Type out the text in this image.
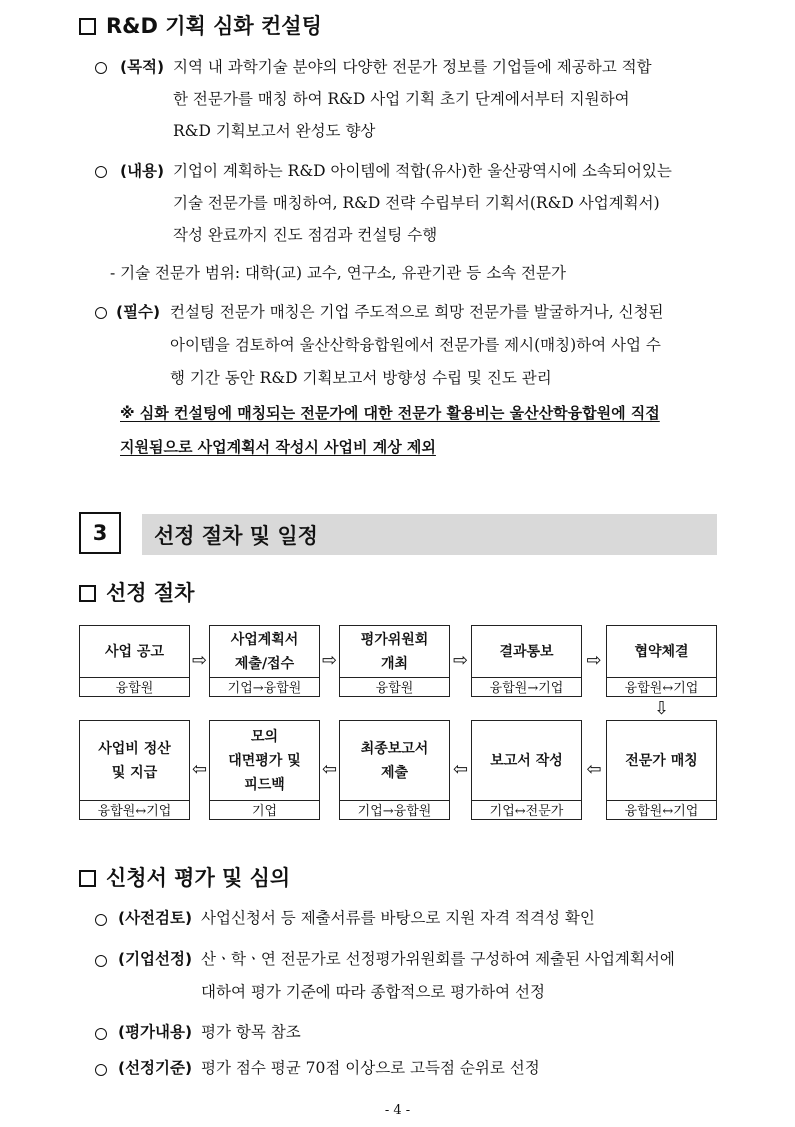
R&D 기획 심화 컨설팅
(목적) 지역 내 과학기술 분야의 다양한 전문가 정보를 기업들에 제공하고 적합
한 전문가를 매칭 하여 R&D 사업 기획 초기 단계에서부터 지원하여
R&D 기획보고서 완성도 향상
(내용) 기업이 계획하는 R&D 아이템에 적합(유사)한 울산광역시에 소속되어있는
기술 전문가를 매칭하여, R&D 전략 수립부터 기획서(R&D 사업계획서)
작성 완료까지 진도 점검과 컨설팅 수행
- 기술 전문가 범위: 대학(교) 교수, 연구소, 유관기관 등 소속 전문가
(필수) 컨설팅 전문가 매칭은 기업 주도적으로 희망 전문가를 발굴하거나, 신청된
아이템을 검토하여 울산산학융합원에서 전문가를 제시(매칭)하여 사업 수
행 기간 동안 R&D 기획보고서 방향성 수립 및 진도 관리
※ 심화 컨설팅에 매칭되는 전문가에 대한 전문가 활용비는 울산산학융합원에 직접
지원됨으로 사업계획서 작성시 사업비 계상 제외
3	선정 절차 및 일정
선정 절차
사업 공고
융합원
⇨
사업계획서
제출/접수
기업→융합원
⇨
평가위원회
개최
융합원
⇨	결과통보
융합원→기업
⇨	협약체결
융합원↔기업
사업비 정산
및 지급
융합원↔기업
⇦
모의
대면평가 및
피드백
기업
⇦
최종보고서
제출
기업→융합원
⇦	보고서 작성
기업↔전문가
⇦	전문가 매칭
융합원↔기업
⇩
신청서 평가 및 심의
(사전검토) 사업신청서 등 제출서류를 바탕으로 지원 자격 적격성 확인
(기업선정) 산ㆍ학ㆍ연 전문가로 선정평가위원회를 구성하여 제출된 사업계획서에
대하여 평가 기준에 따라 종합적으로 평가하여 선정
(평가내용) 평가 항목 참조
(선정기준) 평가 점수 평균 70점 이상으로 고득점 순위로 선정
- 4 -
